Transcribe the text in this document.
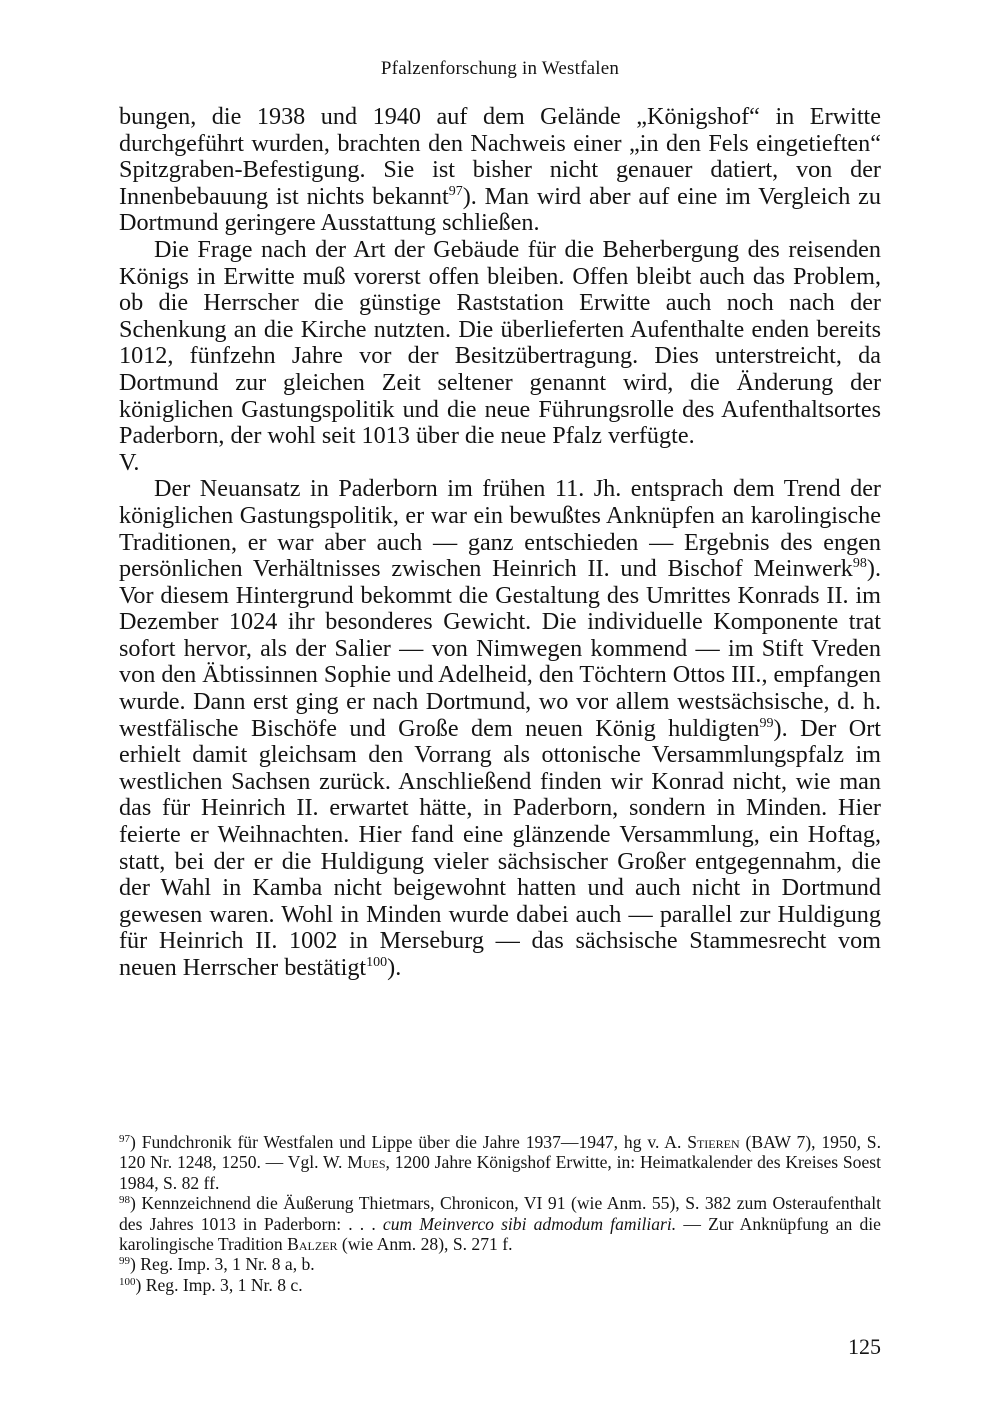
Pfalzenforschung in Westfalen

bungen, die 1938 und 1940 auf dem Gelände „Königshof“ in Erwitte durchgeführt wurden, brachten den Nachweis einer „in den Fels eingetieften“ Spitzgraben-Befestigung. Sie ist bisher nicht genauer datiert, von der Innenbebauung ist nichts bekannt$^{97}$). Man wird aber auf eine im Vergleich zu Dortmund geringere Ausstattung schließen.

Die Frage nach der Art der Gebäude für die Beherbergung des reisenden Königs in Erwitte muß vorerst offen bleiben. Offen bleibt auch das Problem, ob die Herrscher die günstige Raststation Erwitte auch noch nach der Schenkung an die Kirche nutzten. Die überlieferten Aufenthalte enden bereits 1012, fünfzehn Jahre vor der Besitzübertragung. Dies unterstreicht, da Dortmund zur gleichen Zeit seltener genannt wird, die Änderung der königlichen Gastungspolitik und die neue Führungsrolle des Aufenthaltsortes Paderborn, der wohl seit 1013 über die neue Pfalz verfügte.

V.

Der Neuansatz in Paderborn im frühen 11. Jh. entsprach dem Trend der königlichen Gastungspolitik, er war ein bewußtes Anknüpfen an karolingische Traditionen, er war aber auch — ganz entschieden — Ergebnis des engen persönlichen Verhältnisses zwischen Heinrich II. und Bischof Meinwerk$^{98}$). Vor diesem Hintergrund bekommt die Gestaltung des Umrittes Konrads II. im Dezember 1024 ihr besonderes Gewicht. Die individuelle Komponente trat sofort hervor, als der Salier — von Nimwegen kommend — im Stift Vreden von den Äbtissinnen Sophie und Adelheid, den Töchtern Ottos III., empfangen wurde. Dann erst ging er nach Dortmund, wo vor allem westsächsische, d. h. westfälische Bischöfe und Große dem neuen König huldigten$^{99}$). Der Ort erhielt damit gleichsam den Vorrang als ottonische Versammlungspfalz im westlichen Sachsen zurück. Anschließend finden wir Konrad nicht, wie man das für Heinrich II. erwartet hätte, in Paderborn, sondern in Minden. Hier feierte er Weihnachten. Hier fand eine glänzende Versammlung, ein Hoftag, statt, bei der er die Huldigung vieler sächsischer Großer entgegennahm, die der Wahl in Kamba nicht beigewohnt hatten und auch nicht in Dortmund gewesen waren. Wohl in Minden wurde dabei auch — parallel zur Huldigung für Heinrich II. 1002 in Merseburg — das sächsische Stammesrecht vom neuen Herrscher bestätigt$^{100}$).

$^{97}$) Fundchronik für Westfalen und Lippe über die Jahre 1937—1947, hg v. A. Stieren (BAW 7), 1950, S. 120 Nr. 1248, 1250. — Vgl. W. Mues, 1200 Jahre Königshof Erwitte, in: Heimatkalender des Kreises Soest 1984, S. 82 ff.

$^{98}$) Kennzeichnend die Äußerung Thietmars, Chronicon, VI 91 (wie Anm. 55), S. 382 zum Osteraufenthalt des Jahres 1013 in Paderborn: . . . cum Meinverco sibi admodum familiari. — Zur Anknüpfung an die karolingische Tradition Balzer (wie Anm. 28), S. 271 f.

$^{99}$) Reg. Imp. 3, 1 Nr. 8 a, b.

$^{100}$) Reg. Imp. 3, 1 Nr. 8 c.

125
